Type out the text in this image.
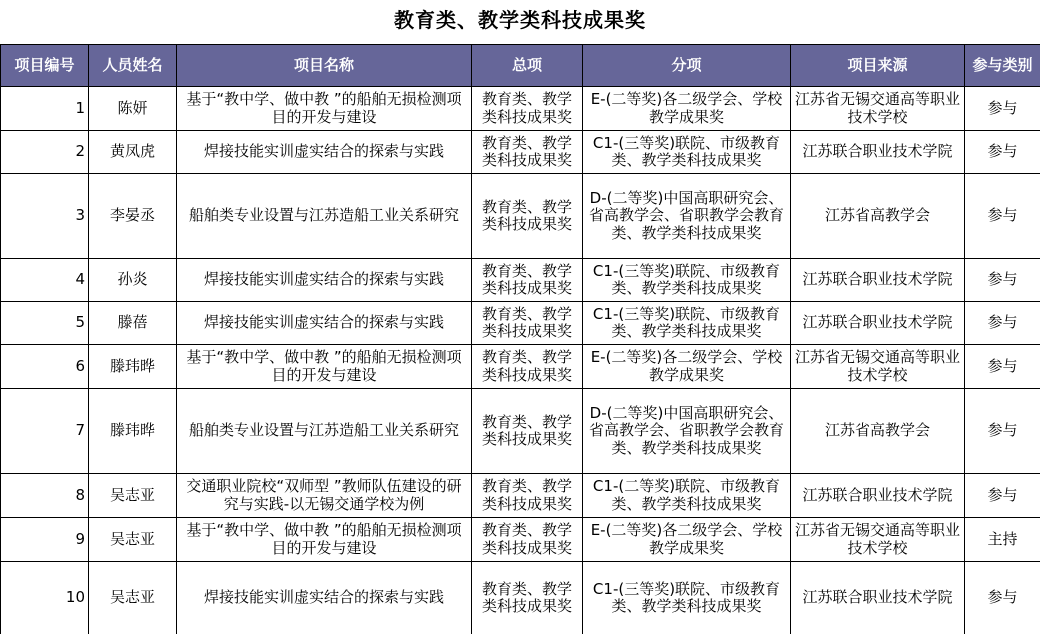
教育类、教学类科技成果奖
项目编号	人员姓名	项目名称	总项	分项	项目来源	参与类别
1	陈妍	基于“教中学、做中教 ”的船舶无损检测项目的开发与建设	教育类、教学类科技成果奖	E-(二等奖)各二级学会、学校教学成果奖	江苏省无锡交通高等职业技术学校	参与
2	黄凤虎	焊接技能实训虚实结合的探索与实践	教育类、教学类科技成果奖	C1-(三等奖)联院、市级教育类、教学类科技成果奖	江苏联合职业技术学院	参与
3	李晏丞	船舶类专业设置与江苏造船工业关系研究	教育类、教学类科技成果奖	D-(二等奖)中国高职研究会、省高教学会、省职教学会教育类、教学类科技成果奖	江苏省高教学会	参与
4	孙炎	焊接技能实训虚实结合的探索与实践	教育类、教学类科技成果奖	C1-(三等奖)联院、市级教育类、教学类科技成果奖	江苏联合职业技术学院	参与
5	滕蓓	焊接技能实训虚实结合的探索与实践	教育类、教学类科技成果奖	C1-(三等奖)联院、市级教育类、教学类科技成果奖	江苏联合职业技术学院	参与
6	滕玮晔	基于“教中学、做中教 ”的船舶无损检测项目的开发与建设	教育类、教学类科技成果奖	E-(二等奖)各二级学会、学校教学成果奖	江苏省无锡交通高等职业技术学校	参与
7	滕玮晔	船舶类专业设置与江苏造船工业关系研究	教育类、教学类科技成果奖	D-(二等奖)中国高职研究会、省高教学会、省职教学会教育类、教学类科技成果奖	江苏省高教学会	参与
8	吴志亚	交通职业院校“双师型 ”教师队伍建设的研究与实践-以无锡交通学校为例	教育类、教学类科技成果奖	C1-(二等奖)联院、市级教育类、教学类科技成果奖	江苏联合职业技术学院	参与
9	吴志亚	基于“教中学、做中教 ”的船舶无损检测项目的开发与建设	教育类、教学类科技成果奖	E-(二等奖)各二级学会、学校教学成果奖	江苏省无锡交通高等职业技术学校	主持
10	吴志亚	焊接技能实训虚实结合的探索与实践	教育类、教学类科技成果奖	C1-(三等奖)联院、市级教育类、教学类科技成果奖	江苏联合职业技术学院	参与
